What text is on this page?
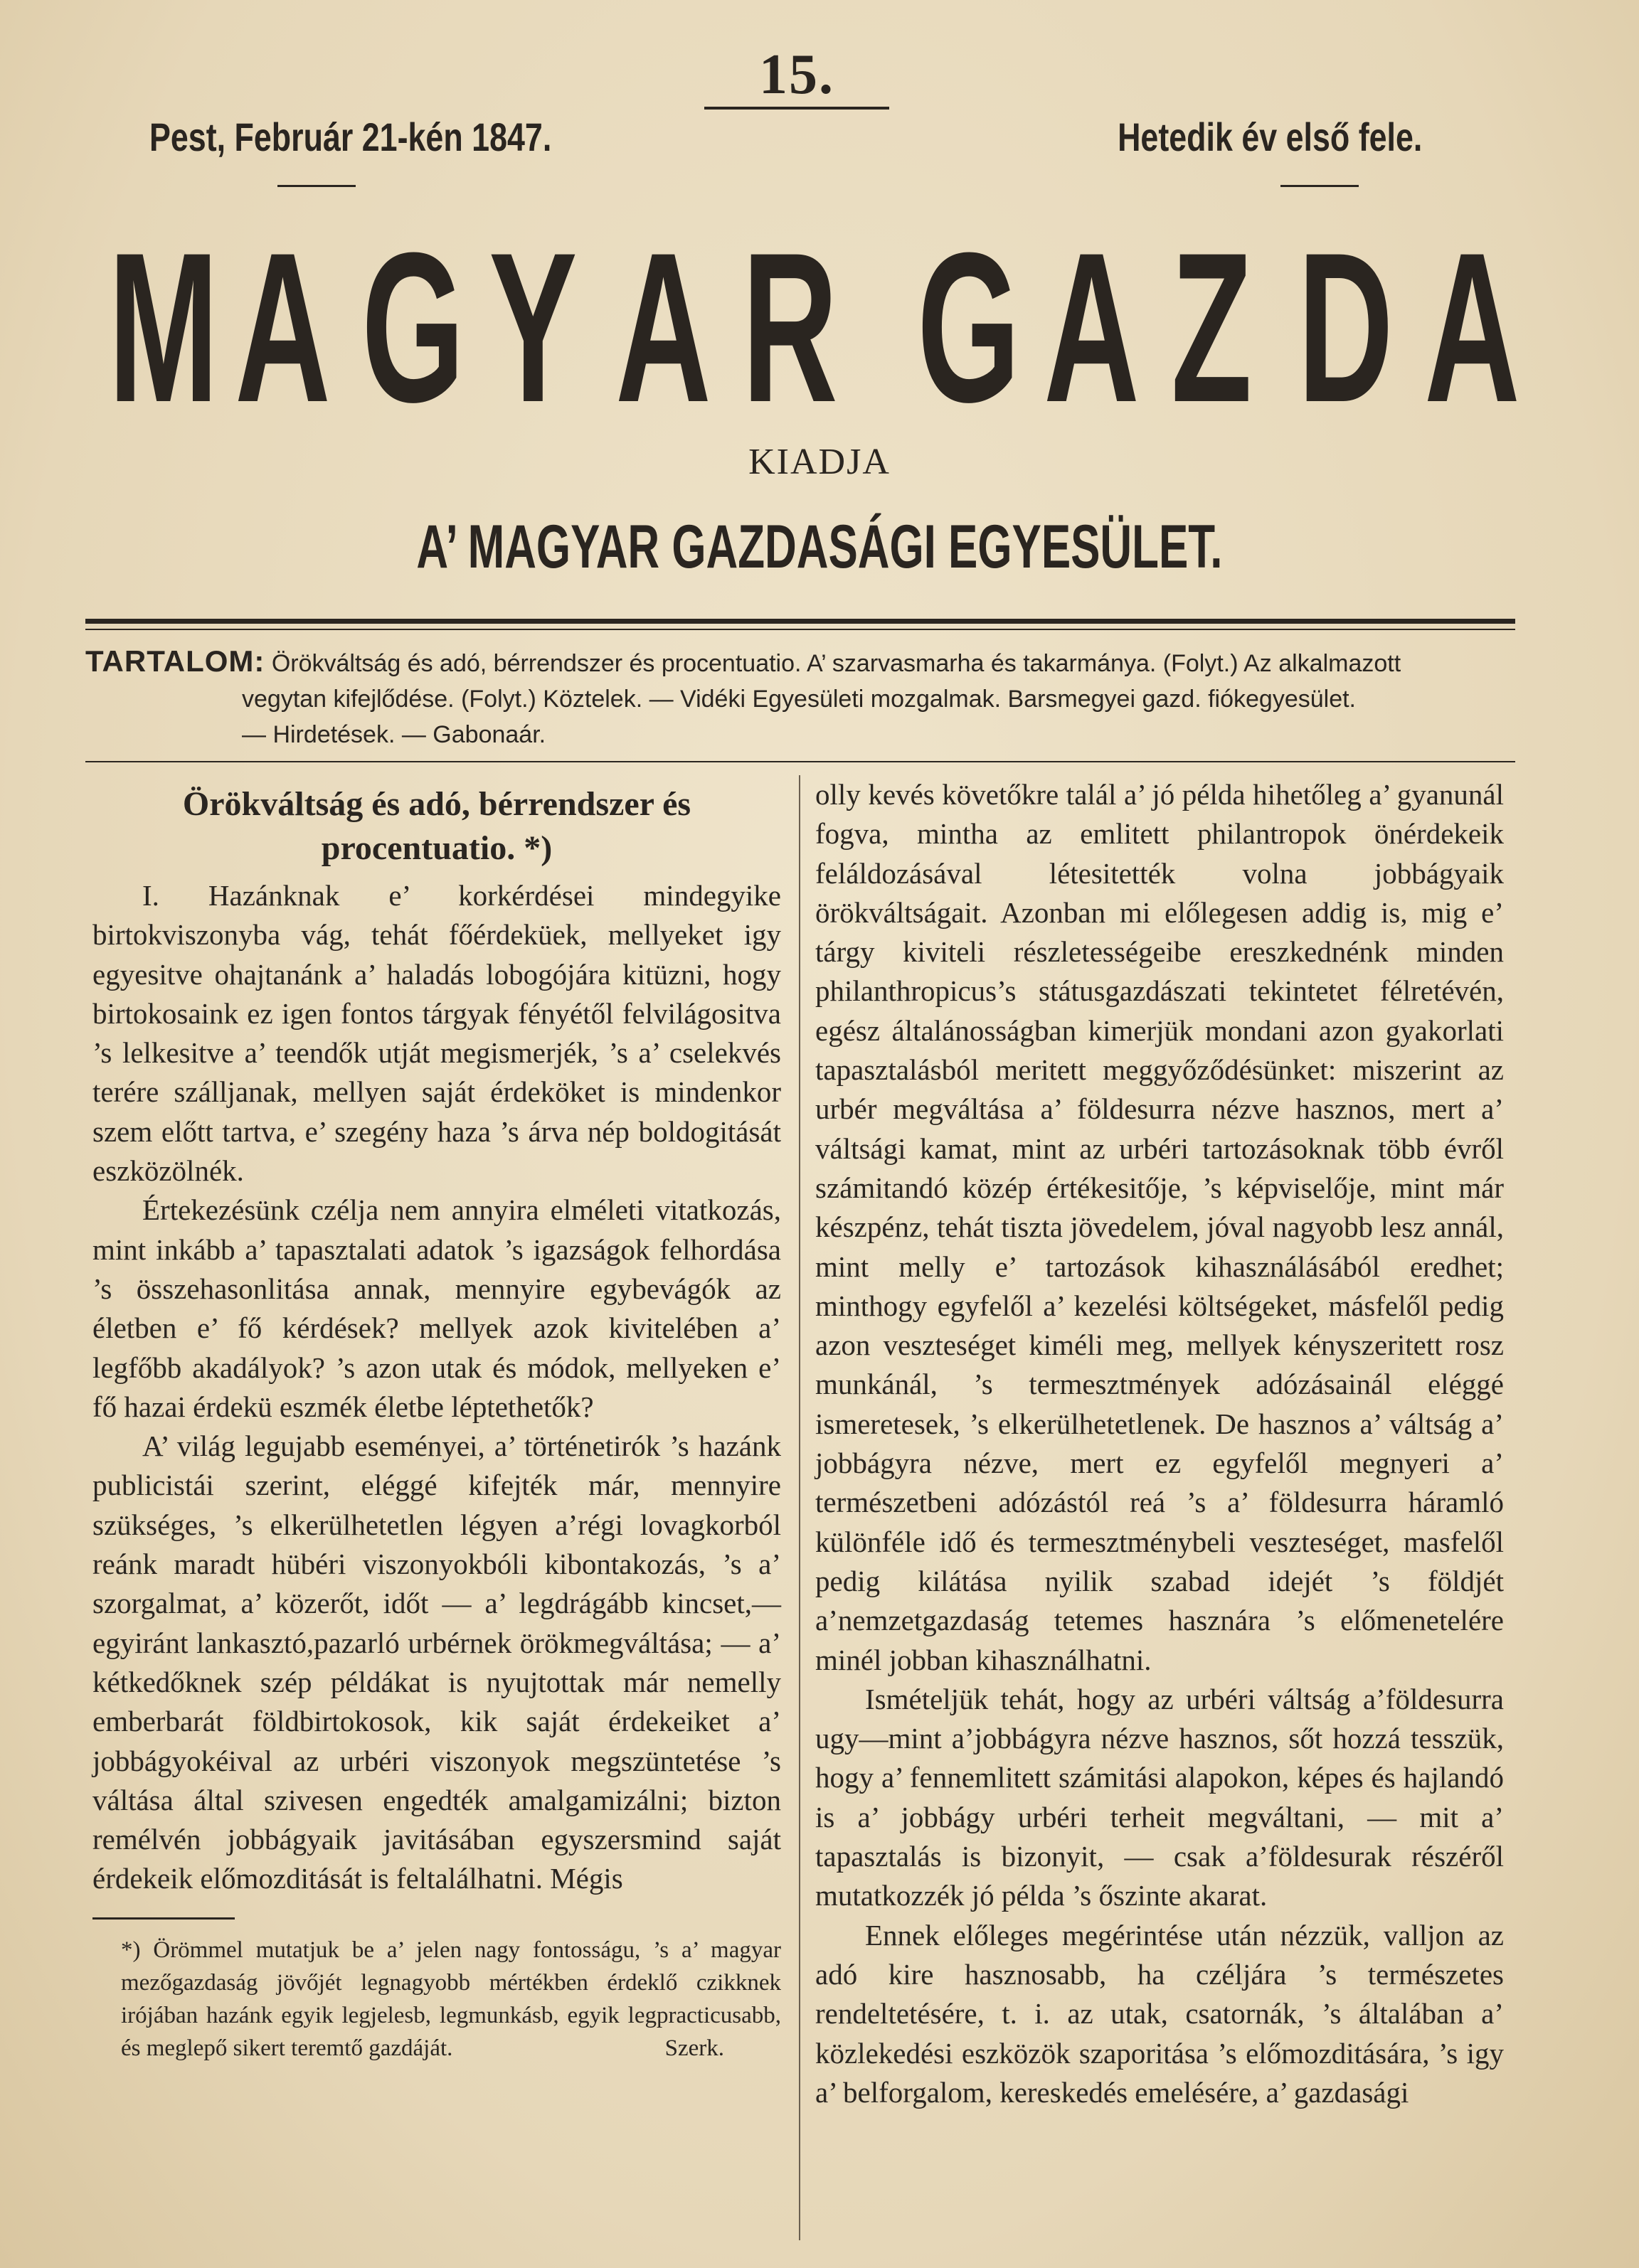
15.
Pest, Február 21-kén 1847.	Hetedik év első fele.
M A G Y A R G A Z D A
KIADJA
A’ MAGYAR GAZDASÁGI EGYESÜLET.
TARTALOM: Örökváltság és adó, bérrendszer és procentuatio. A’ szarvasmarha és takarmánya. (Folyt.) Az alkalmazott
vegytan kifejlődése. (Folyt.) Köztelek. — Vidéki Egyesületi mozgalmak. Barsmegyei gazd. fiókegyesület.
— Hirdetések. — Gabonaár.
Örökváltság és adó, bérrendszer és procentuatio. *)

I. Hazánknak e’ korkérdései mindegyike birtokviszonyba vág, tehát főérdeküek, mellyeket igy egyesitve ohajtanánk a’ haladás lobogójára kitüzni, hogy birtokosaink ez igen fontos tárgyak fényétől felvilágositva ’s lelkesitve a’ teendők utját megismerjék, ’s a’ cselekvés terére szálljanak, mellyen saját érdeköket is mindenkor szem előtt tartva, e’ szegény haza ’s árva nép boldogitását eszközölnék.

Értekezésünk czélja nem annyira elméleti vitatkozás, mint inkább a’ tapasztalati adatok ’s igazságok felhordása ’s összehasonlitása annak, mennyire egybevágók az életben e’ fő kérdések? mellyek azok kivitelében a’ legfőbb akadályok? ’s azon utak és módok, mellyeken e’ fő hazai érdekü eszmék életbe léptethetők?

A’ világ legujabb eseményei, a’ történetirók ’s hazánk publicistái szerint, eléggé kifejték már, mennyire szükséges, ’s elkerülhetetlen légyen a’régi lovagkorból reánk maradt hübéri viszonyokbóli kibontakozás, ’s a’ szorgalmat, a’ közerőt, időt — a’ legdrágább kincset,—egyiránt lankasztó,pazarló urbérnek örökmegváltása; — a’ kétkedőknek szép példákat is nyujtottak már nemelly emberbarát földbirtokosok, kik saját érdekeiket a’ jobbágyokéival az urbéri viszonyok megszüntetése ’s váltása által szivesen engedték amalgamizálni; bizton remélvén jobbágyaik javitásában egyszersmind saját érdekeik előmozditását is feltalálhatni. Mégis

*) Örömmel mutatjuk be a’ jelen nagy fontosságu, ’s a’ magyar mezőgazdaság jövőjét legnagyobb mértékben érdeklő czikknek irójában hazánk egyik legjelesb, legmunkásb, egyik legpracticusabb, és meglepő sikert teremtő gazdáját.	Szerk.

olly kevés követőkre talál a’ jó példa hihetőleg a’ gyanunál fogva, mintha az emlitett philantropok önérdekeik feláldozásával létesitették volna jobbágyaik örökváltságait. Azonban mi előlegesen addig is, mig e’ tárgy kiviteli részletességeibe ereszkednénk minden philanthropicus’s státusgazdászati tekintetet félretévén, egész általánosságban kimerjük mondani azon gyakorlati tapasztalásból meritett meggyőződésünket: miszerint az urbér megváltása a’ földesurra nézve hasznos, mert a’ váltsági kamat, mint az urbéri tartozásoknak több évről számitandó közép értékesitője, ’s képviselője, mint már készpénz, tehát tiszta jövedelem, jóval nagyobb lesz annál, mint melly e’ tartozások kihasználásából eredhet; minthogy egyfelől a’ kezelési költségeket, másfelől pedig azon veszteséget kiméli meg, mellyek kényszeritett rosz munkánál, ’s termesztmények adózásainál eléggé ismeretesek, ’s elkerülhetetlenek. De hasznos a’ váltság a’ jobbágyra nézve, mert ez egyfelől megnyeri a’ természetbeni adózástól reá ’s a’ földesurra háramló különféle idő és termesztménybeli veszteséget, masfelől pedig kilátása nyilik szabad idejét ’s földjét a’nemzetgazdaság tetemes hasznára ’s előmenetelére minél jobban kihasználhatni.

Ismételjük tehát, hogy az urbéri váltság a’földesurra ugy—mint a’jobbágyra nézve hasznos, sőt hozzá tesszük, hogy a’ fennemlitett számitási alapokon, képes és hajlandó is a’ jobbágy urbéri terheit megváltani, — mit a’ tapasztalás is bizonyit, — csak a’földesurak részéről mutatkozzék jó példa ’s őszinte akarat.

Ennek előleges megérintése után nézzük, valljon az adó kire hasznosabb, ha czéljára ’s természetes rendeltetésére, t. i. az utak, csatornák, ’s általában a’ közlekedési eszközök szaporitása ’s előmozditására, ’s igy a’ belforgalom, kereskedés emelésére, a’ gazdasági
